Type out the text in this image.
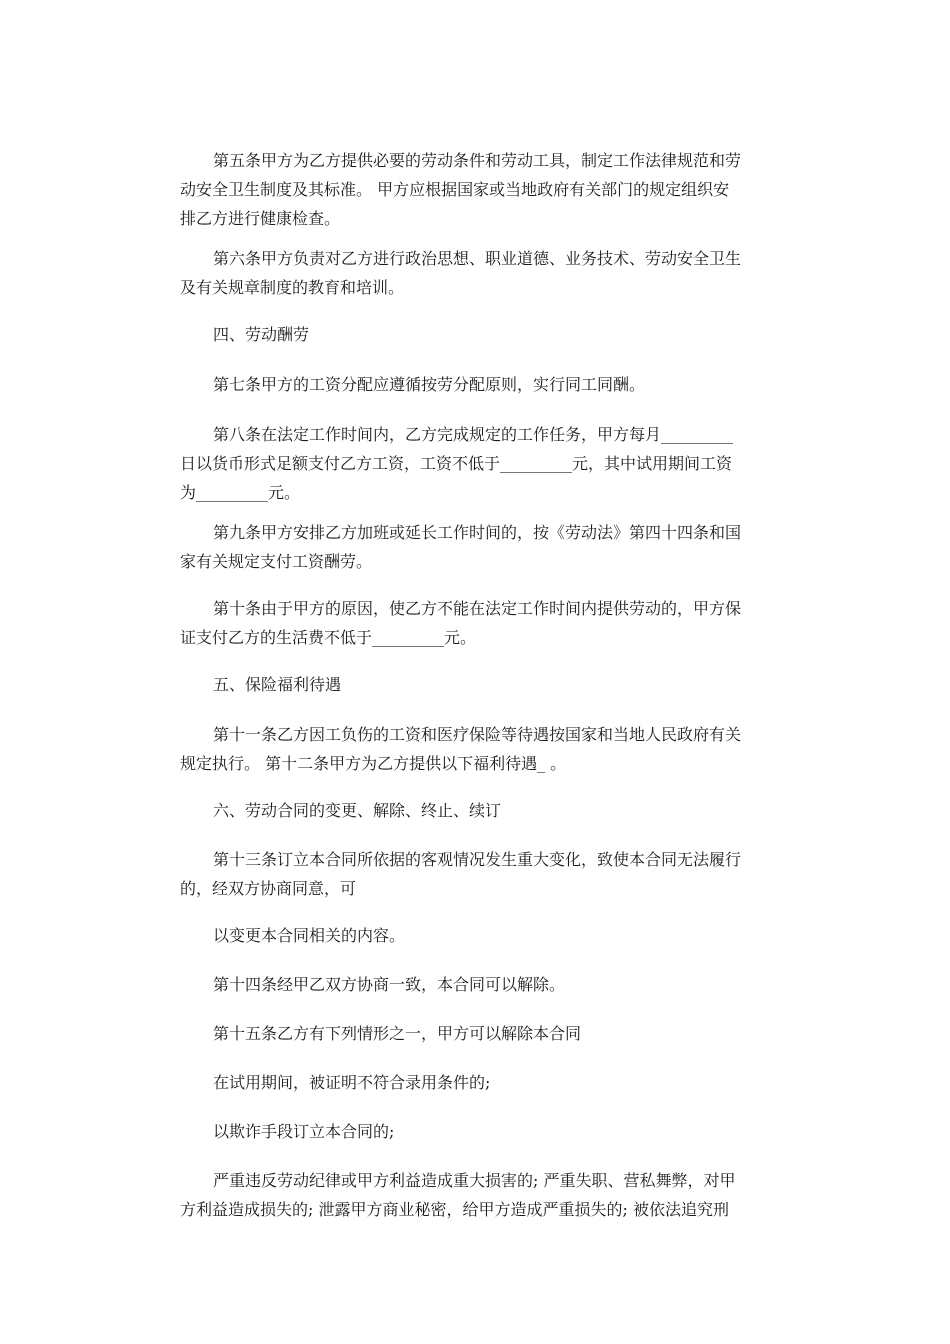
第五条甲方为乙方提供必要的劳动条件和劳动工具，制定工作法律规范和劳
动安全卫生制度及其标准。 甲方应根据国家或当地政府有关部门的规定组织安
排乙方进行健康检查。
第六条甲方负责对乙方进行政治思想、职业道德、业务技术、劳动安全卫生
及有关规章制度的教育和培训。
四、劳动酬劳
第七条甲方的工资分配应遵循按劳分配原则，实行同工同酬。
第八条在法定工作时间内，乙方完成规定的工作任务，甲方每月_________
日以货币形式足额支付乙方工资，工资不低于_________元，其中试用期间工资
为_________元。
第九条甲方安排乙方加班或延长工作时间的，按《劳动法》第四十四条和国
家有关规定支付工资酬劳。
第十条由于甲方的原因，使乙方不能在法定工作时间内提供劳动的，甲方保
证支付乙方的生活费不低于_________元。
五、保险福利待遇
第十一条乙方因工负伤的工资和医疗保险等待遇按国家和当地人民政府有关
规定执行。 第十二条甲方为乙方提供以下福利待遇_ 。
六、劳动合同的变更、解除、终止、续订
第十三条订立本合同所依据的客观情况发生重大变化，致使本合同无法履行
的，经双方协商同意，可
以变更本合同相关的内容。
第十四条经甲乙双方协商一致，本合同可以解除。
第十五条乙方有下列情形之一，甲方可以解除本合同
在试用期间，被证明不符合录用条件的;
以欺诈手段订立本合同的;
严重违反劳动纪律或甲方利益造成重大损害的; 严重失职、营私舞弊，对甲
方利益造成损失的; 泄露甲方商业秘密，给甲方造成严重损失的; 被依法追究刑
